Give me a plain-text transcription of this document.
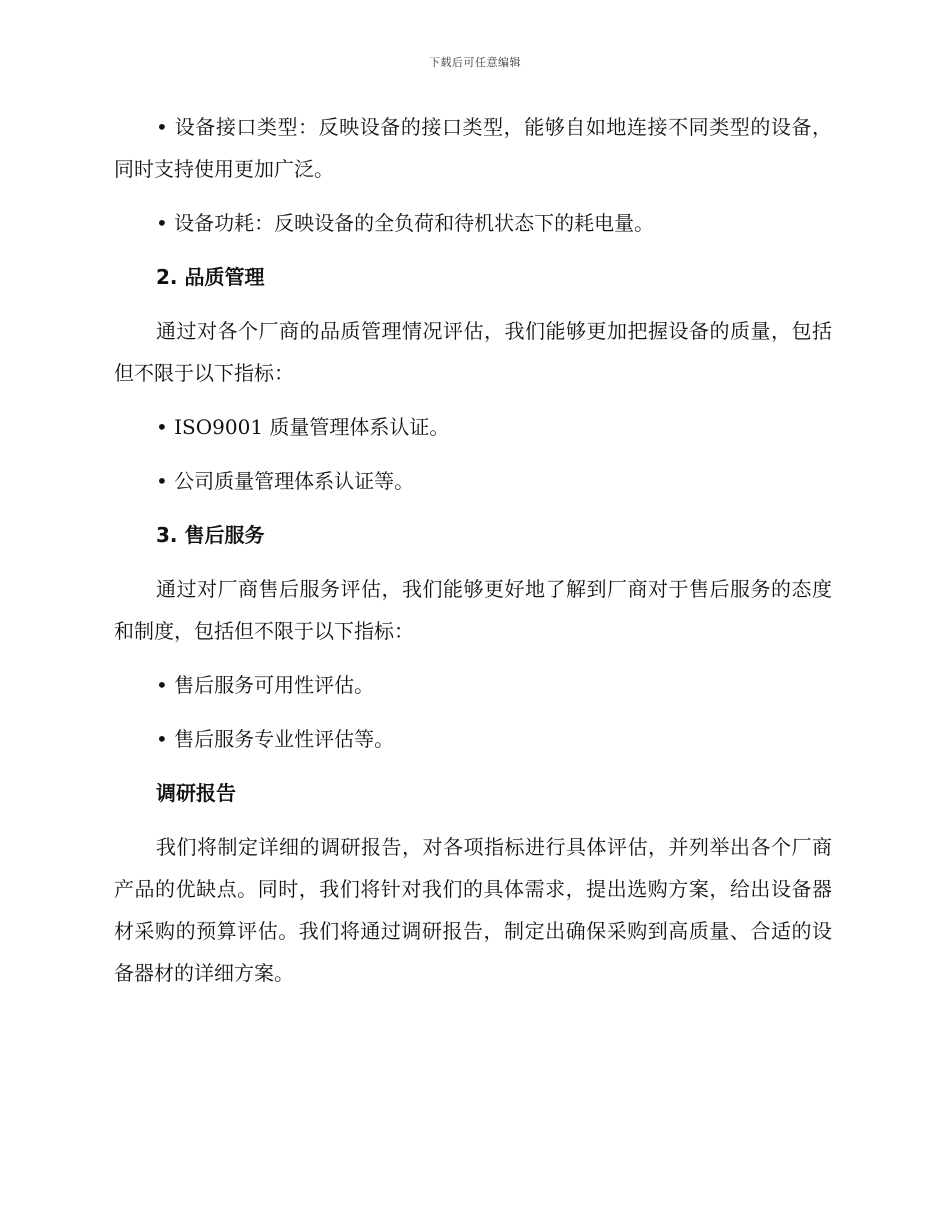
下载后可任意编辑

• 设备接口类型：反映设备的接口类型，能够自如地连接不同类型的设备，同时支持使用更加广泛。

• 设备功耗：反映设备的全负荷和待机状态下的耗电量。

2. 品质管理

通过对各个厂商的品质管理情况评估，我们能够更加把握设备的质量，包括但不限于以下指标：

• ISO9001 质量管理体系认证。

• 公司质量管理体系认证等。

3. 售后服务

通过对厂商售后服务评估，我们能够更好地了解到厂商对于售后服务的态度和制度，包括但不限于以下指标：

• 售后服务可用性评估。

• 售后服务专业性评估等。

调研报告

我们将制定详细的调研报告，对各项指标进行具体评估，并列举出各个厂商产品的优缺点。同时，我们将针对我们的具体需求，提出选购方案，给出设备器材采购的预算评估。我们将通过调研报告，制定出确保采购到高质量、合适的设备器材的详细方案。
